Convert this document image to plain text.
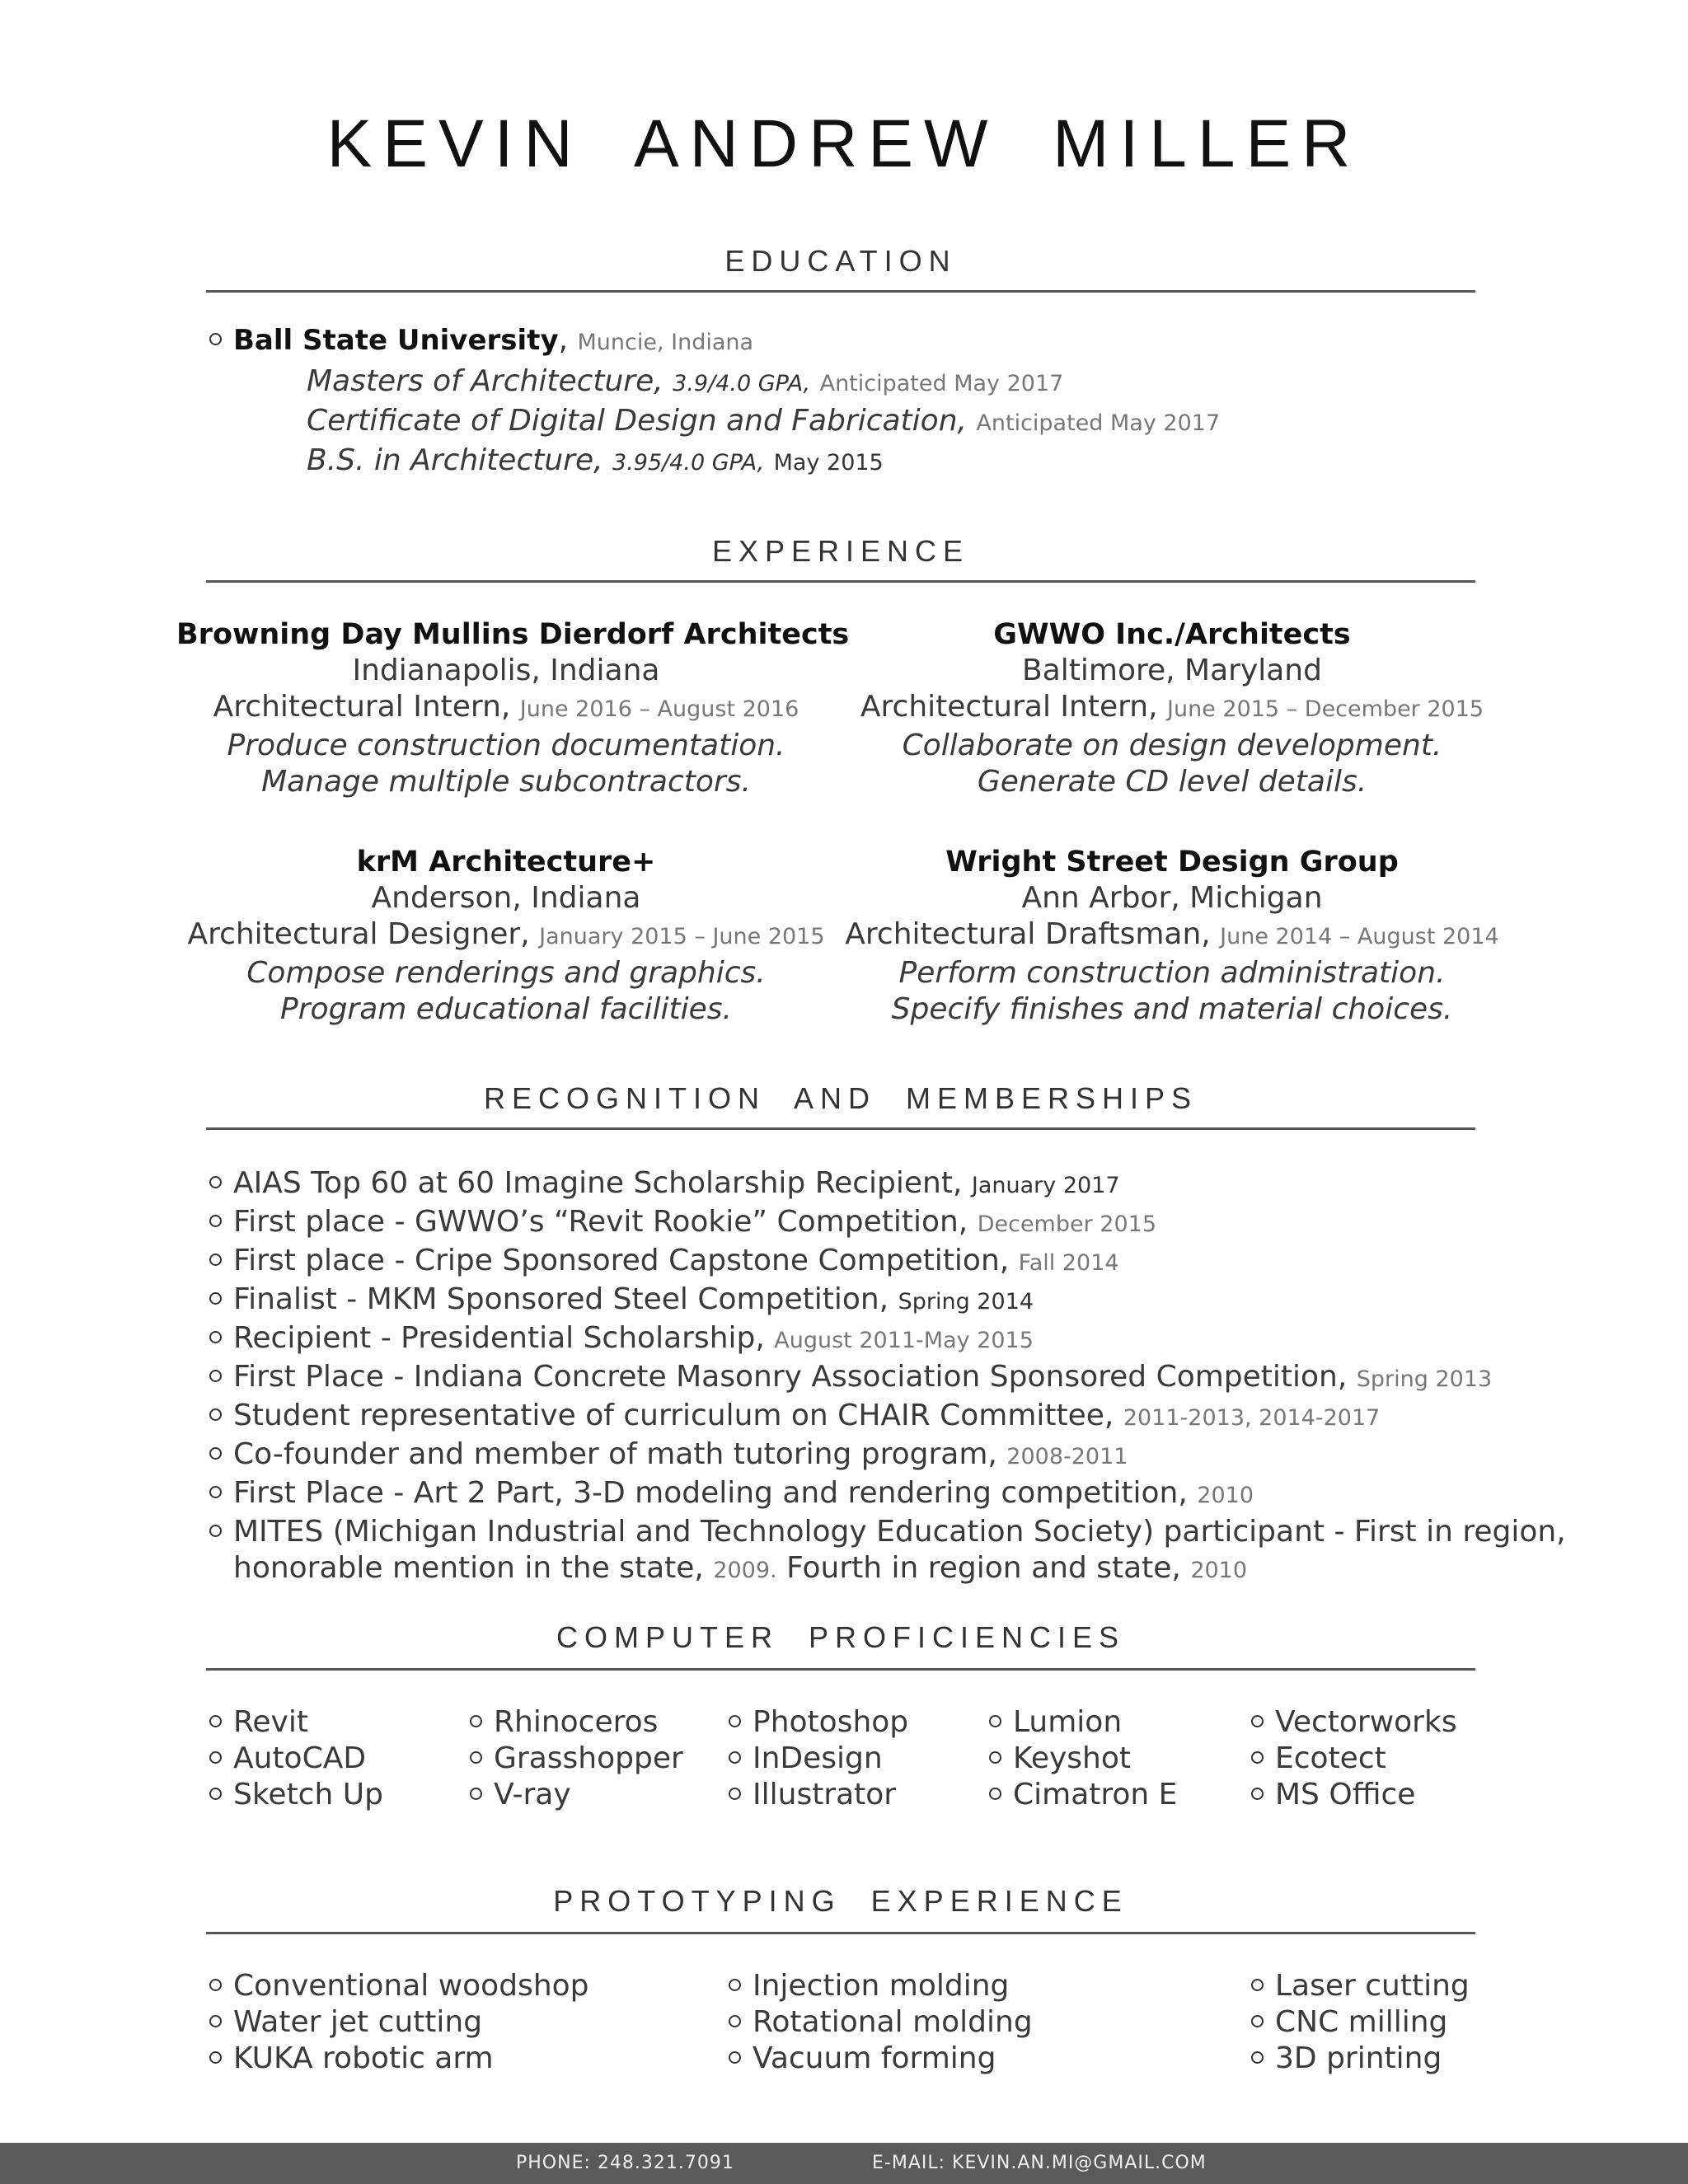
KEVIN ANDREW MILLER
EDUCATION
Ball State University, Muncie, Indiana
Masters of Architecture, 3.9/4.0 GPA, Anticipated May 2017
Certificate of Digital Design and Fabrication, Anticipated May 2017
B.S. in Architecture, 3.95/4.0 GPA, May 2015
EXPERIENCE
Browning Day Mullins Dierdorf Architects
Indianapolis, Indiana
Architectural Intern, June 2016 – August 2016
Produce construction documentation.
Manage multiple subcontractors.
GWWO Inc./Architects
Baltimore, Maryland
Architectural Intern, June 2015 – December 2015
Collaborate on design development.
Generate CD level details.
krM Architecture+
Anderson, Indiana
Architectural Designer, January 2015 – June 2015
Compose renderings and graphics.
Program educational facilities.
Wright Street Design Group
Ann Arbor, Michigan
Architectural Draftsman, June 2014 – August 2014
Perform construction administration.
Specify finishes and material choices.
RECOGNITION AND MEMBERSHIPS
AIAS Top 60 at 60 Imagine Scholarship Recipient, January 2017
First place - GWWO’s “Revit Rookie” Competition, December 2015
First place - Cripe Sponsored Capstone Competition, Fall 2014
Finalist - MKM Sponsored Steel Competition, Spring 2014
Recipient - Presidential Scholarship, August 2011-May 2015
First Place - Indiana Concrete Masonry Association Sponsored Competition, Spring 2013
Student representative of curriculum on CHAIR Committee, 2011-2013, 2014-2017
Co-founder and member of math tutoring program, 2008-2011
First Place - Art 2 Part, 3-D modeling and rendering competition, 2010
MITES (Michigan Industrial and Technology Education Society) participant - First in region,
honorable mention in the state, 2009. Fourth in region and state, 2010
COMPUTER PROFICIENCIES
Revit
AutoCAD
Sketch Up
Rhinoceros
Grasshopper
V-ray
Photoshop
InDesign
Illustrator
Lumion
Keyshot
Cimatron E
Vectorworks
Ecotect
MS Office
PROTOTYPING EXPERIENCE
Conventional woodshop
Water jet cutting
KUKA robotic arm
Injection molding
Rotational molding
Vacuum forming
Laser cutting
CNC milling
3D printing
PHONE: 248.321.7091	E-MAIL: KEVIN.AN.MI@GMAIL.COM
